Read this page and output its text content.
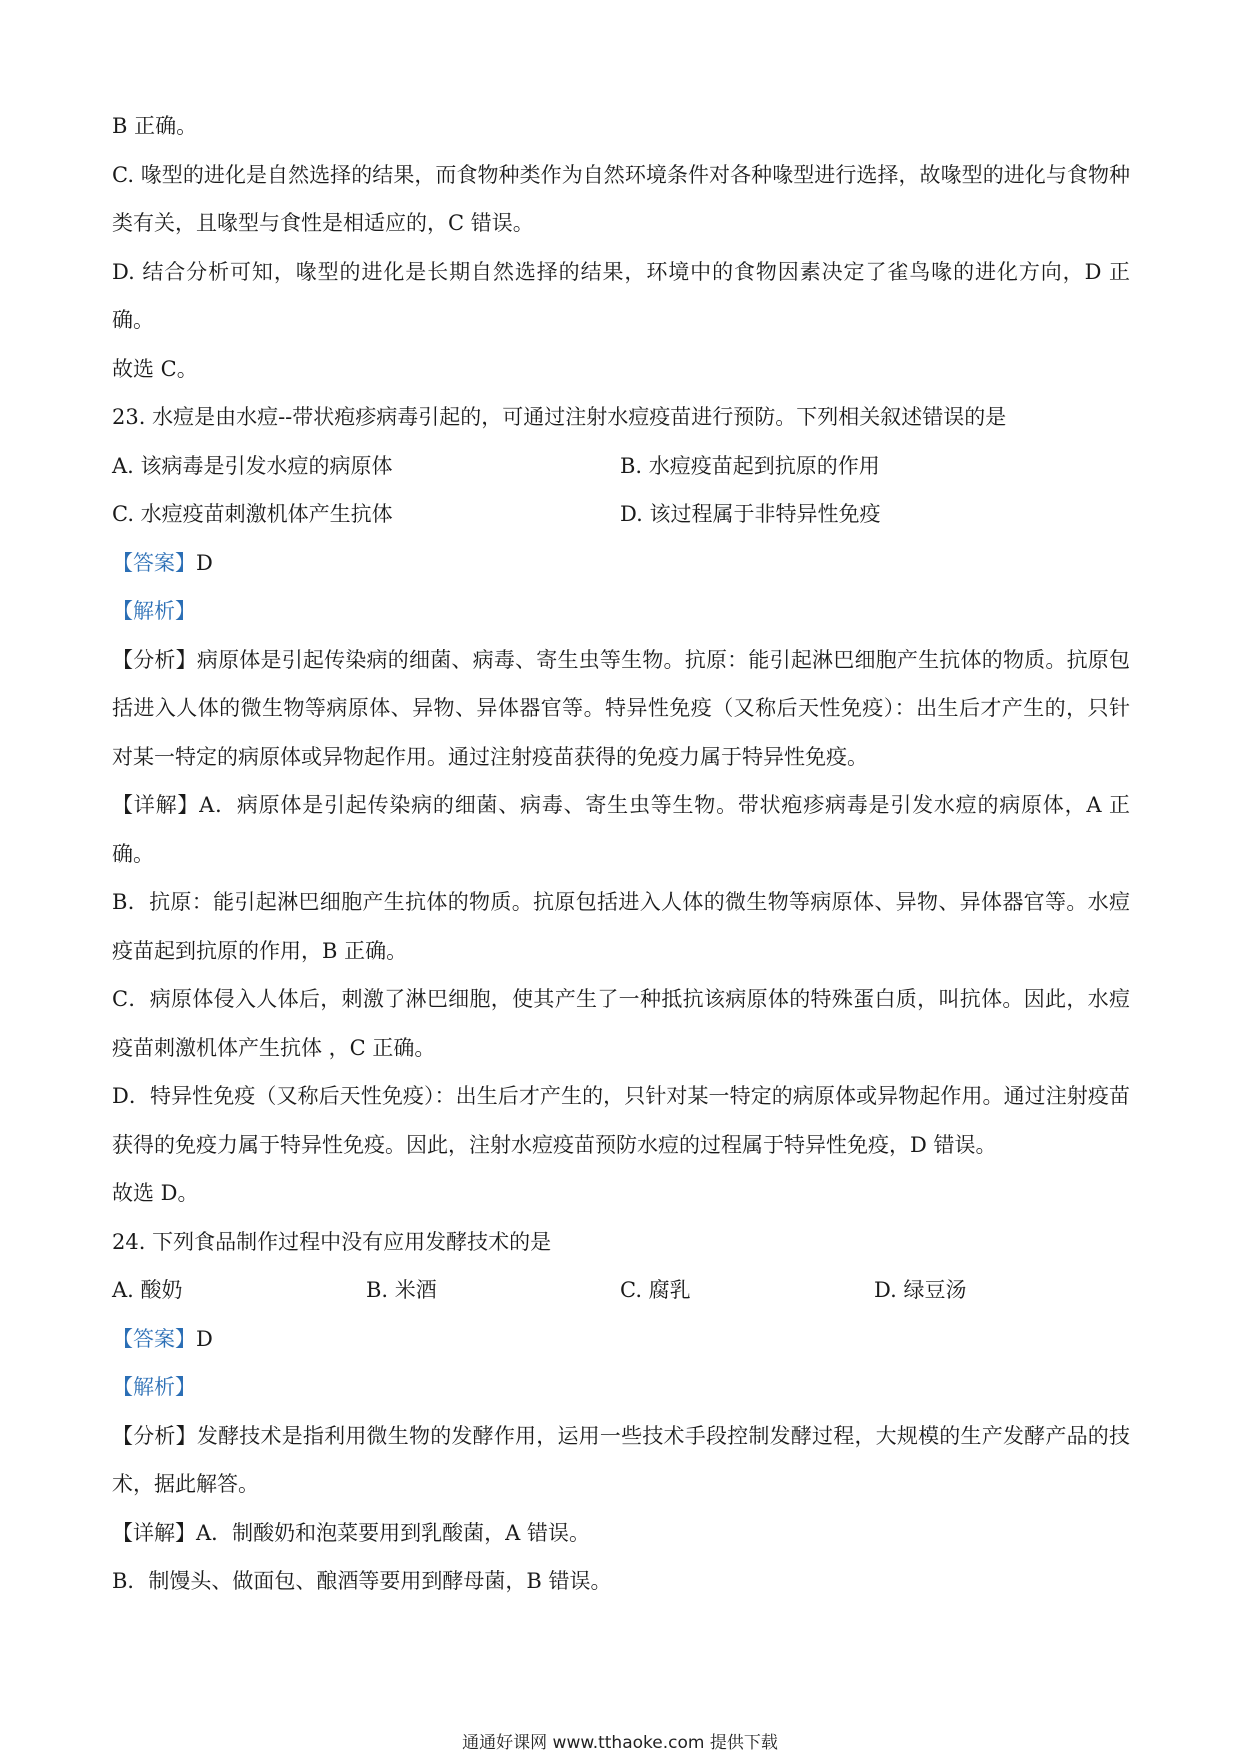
B 正确。

C. 喙型的进化是自然选择的结果，而食物种类作为自然环境条件对各种喙型进行选择，故喙型的进化与食物种类有关，且喙型与食性是相适应的，C 错误。

D. 结合分析可知，喙型的进化是长期自然选择的结果，环境中的食物因素决定了雀鸟喙的进化方向，D 正确。

故选 C。

23. 水痘是由水痘--带状疱疹病毒引起的，可通过注射水痘疫苗进行预防。下列相关叙述错误的是

A. 该病毒是引发水痘的病原体	B. 水痘疫苗起到抗原的作用
C. 水痘疫苗刺激机体产生抗体	D. 该过程属于非特异性免疫

【答案】D

【解析】

【分析】病原体是引起传染病的细菌、病毒、寄生虫等生物。抗原：能引起淋巴细胞产生抗体的物质。抗原包括进入人体的微生物等病原体、异物、异体器官等。特异性免疫（又称后天性免疫）：出生后才产生的，只针对某一特定的病原体或异物起作用。通过注射疫苗获得的免疫力属于特异性免疫。

【详解】A．病原体是引起传染病的细菌、病毒、寄生虫等生物。带状疱疹病毒是引发水痘的病原体，A 正确。

B．抗原：能引起淋巴细胞产生抗体的物质。抗原包括进入人体的微生物等病原体、异物、异体器官等。水痘疫苗起到抗原的作用，B 正确。

C．病原体侵入人体后，刺激了淋巴细胞，使其产生了一种抵抗该病原体的特殊蛋白质，叫抗体。因此，水痘疫苗刺激机体产生抗体 ，C 正确。

D．特异性免疫（又称后天性免疫）：出生后才产生的，只针对某一特定的病原体或异物起作用。通过注射疫苗获得的免疫力属于特异性免疫。因此，注射水痘疫苗预防水痘的过程属于特异性免疫，D 错误。

故选 D。

24. 下列食品制作过程中没有应用发酵技术的是

A. 酸奶	B. 米酒	C. 腐乳	D. 绿豆汤

【答案】D

【解析】

【分析】发酵技术是指利用微生物的发酵作用，运用一些技术手段控制发酵过程，大规模的生产发酵产品的技术，据此解答。

【详解】A．制酸奶和泡菜要用到乳酸菌，A 错误。

B．制馒头、做面包、酿酒等要用到酵母菌，B 错误。

通通好课网 www.tthaoke.com 提供下载
